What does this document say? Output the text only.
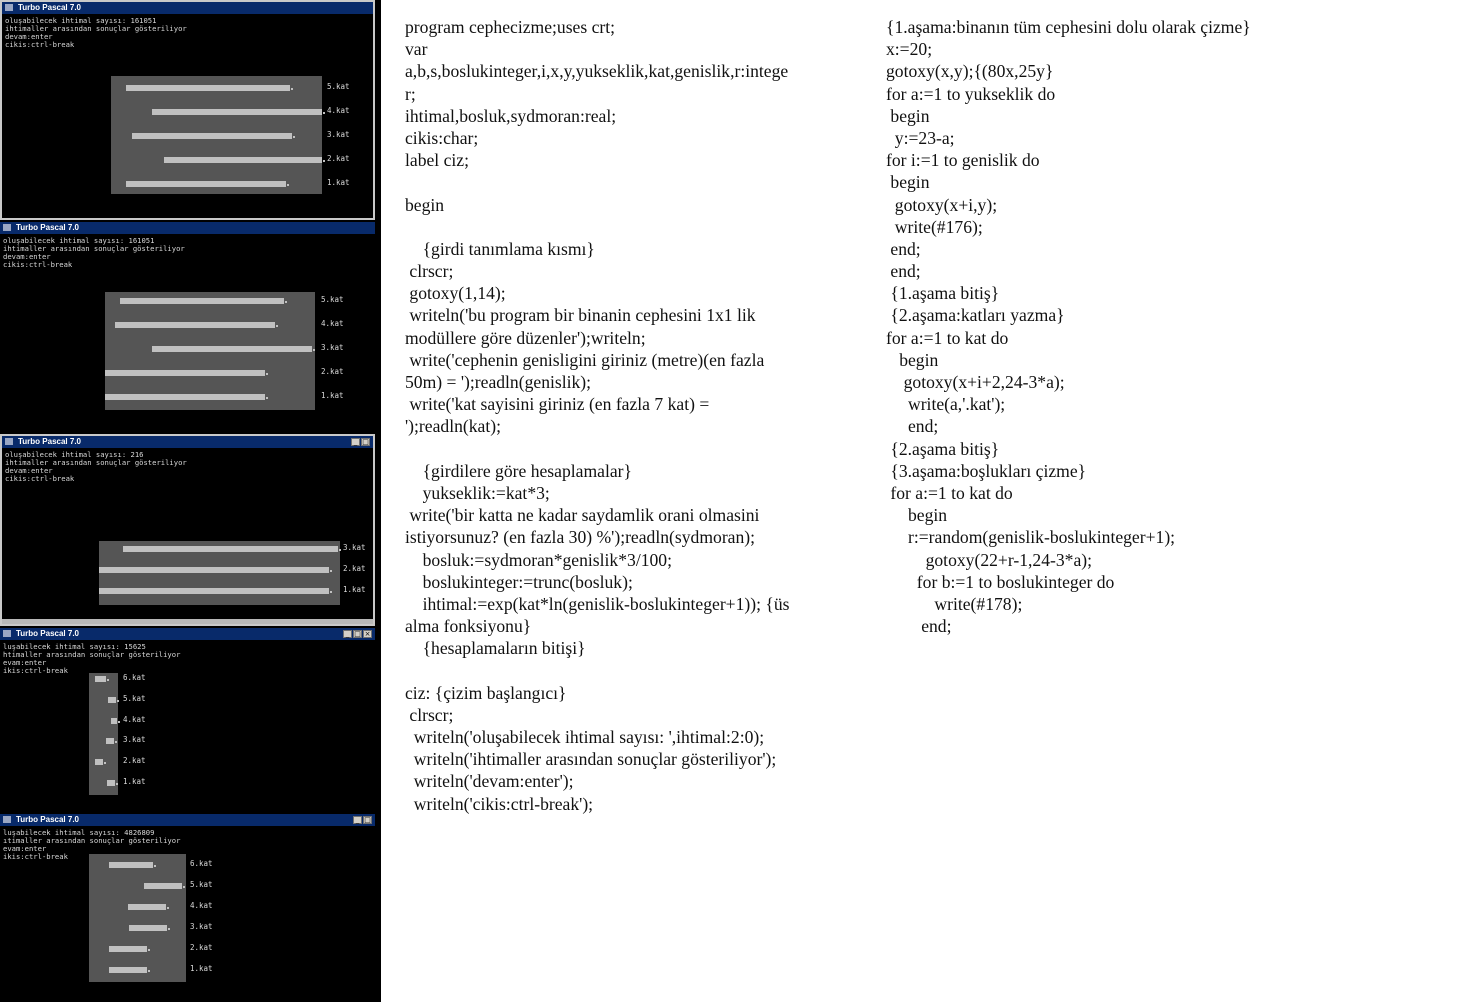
Turbo Pascal 7.0
oluşabilecek ihtimal sayısı: 161051
ihtimaller arasından sonuçlar gösteriliyor
devam:enter
cikis:ctrl-break
5.kat
4.kat
3.kat
2.kat
1.kat
Turbo Pascal 7.0
oluşabilecek ihtimal sayısı: 161051
ihtimaller arasından sonuçlar gösteriliyor
devam:enter
cikis:ctrl-break
5.kat
4.kat
3.kat
2.kat
1.kat
Turbo Pascal 7.0	_ □
oluşabilecek ihtimal sayısı: 216
ihtimaller arasından sonuçlar gösteriliyor
devam:enter
cikis:ctrl-break
3.kat
2.kat
1.kat
Turbo Pascal 7.0	_ □ ×
luşabilecek ihtimal sayısı: 15625
htimaller arasından sonuçlar gösteriliyor
evam:enter
ikis:ctrl-break
6.kat
5.kat
4.kat
3.kat
2.kat
1.kat
Turbo Pascal 7.0	_ □
luşabilecek ihtimal sayısı: 4826809
ıtimaller arasından sonuçlar gösteriliyor
evam:enter
ikis:ctrl-break
6.kat
5.kat
4.kat
3.kat
2.kat
1.kat
program cephecizme;uses crt;
var
a,b,s,boslukinteger,i,x,y,yukseklik,kat,genislik,r:intege
r;
ihtimal,bosluk,sydmoran:real;
cikis:char;
label ciz;
begin
{girdi tanımlama kısmı}
clrscr;
gotoxy(1,14);
writeln('bu program bir binanin cephesini 1x1 lik
modüllere göre düzenler');writeln;
write('cephenin genisligini giriniz (metre)(en fazla
50m) = ');readln(genislik);
write('kat sayisini giriniz (en fazla 7 kat) =
');readln(kat);
{girdilere göre hesaplamalar}
yukseklik:=kat*3;
write('bir katta ne kadar saydamlik orani olmasini
istiyorsunuz? (en fazla 30) %');readln(sydmoran);
bosluk:=sydmoran*genislik*3/100;
boslukinteger:=trunc(bosluk);
ihtimal:=exp(kat*ln(genislik-boslukinteger+1)); {üs
alma fonksiyonu}
{hesaplamaların bitişi}
ciz: {çizim başlangıcı}
clrscr;
writeln('oluşabilecek ihtimal sayısı: ',ihtimal:2:0);
writeln('ihtimaller arasından sonuçlar gösteriliyor');
writeln('devam:enter');
writeln('cikis:ctrl-break');
{1.aşama:binanın tüm cephesini dolu olarak çizme}
x:=20;
gotoxy(x,y);{(80x,25y}
for a:=1 to yukseklik do
begin
y:=23-a;
for i:=1 to genislik do
begin
gotoxy(x+i,y);
write(#176);
end;
end;
{1.aşama bitiş}
{2.aşama:katları yazma}
for a:=1 to kat do
begin
gotoxy(x+i+2,24-3*a);
write(a,'.kat');
end;
{2.aşama bitiş}
{3.aşama:boşlukları çizme}
for a:=1 to kat do
begin
r:=random(genislik-boslukinteger+1);
gotoxy(22+r-1,24-3*a);
for b:=1 to boslukinteger do
write(#178);
end;
